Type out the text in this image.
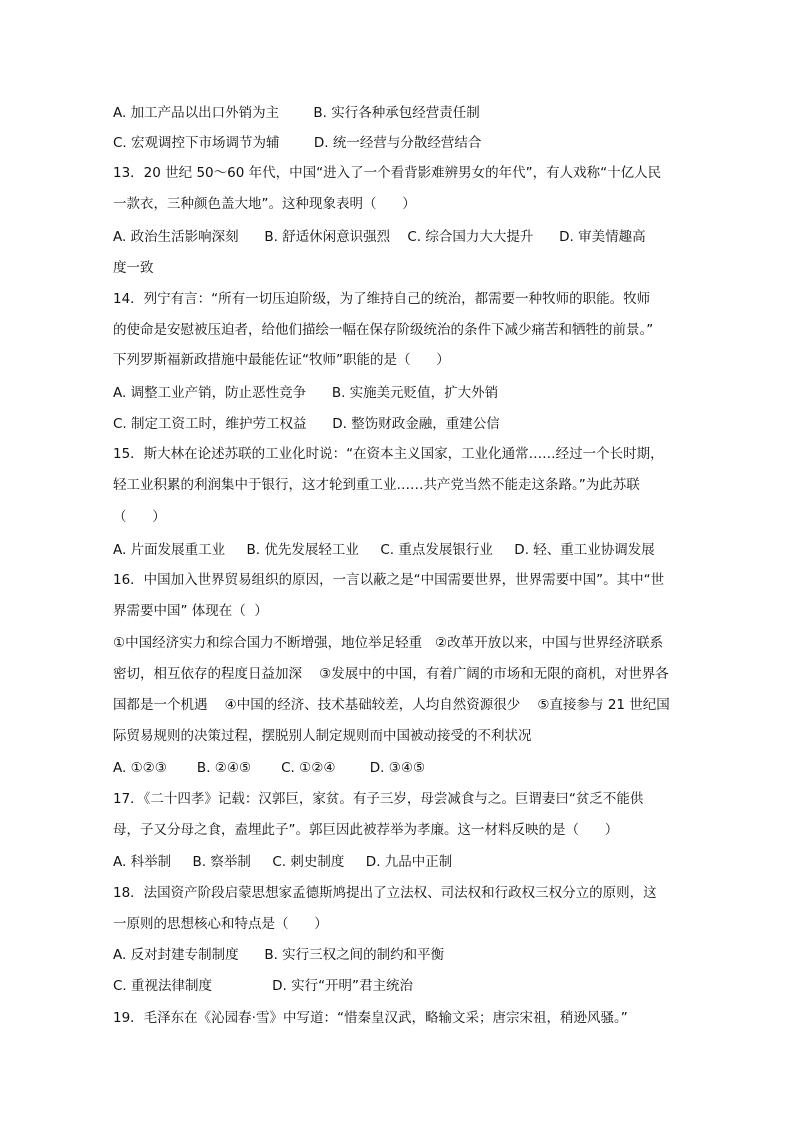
A. 加工产品以出口外销为主        B. 实行各种承包经营责任制
C. 宏观调控下市场调节为辅        D. 统一经营与分散经营结合
13．20 世纪 50～60 年代，中国“进入了一个看背影难辨男女的年代”，有人戏称“十亿人民
一款衣，三种颜色盖大地”。这种现象表明（      ）
A. 政治生活影响深刻      B. 舒适休闲意识强烈    C. 综合国力大大提升      D. 审美情趣高
度一致
14．列宁有言：“所有一切压迫阶级，为了维持自己的统治，都需要一种牧师的职能。牧师
的使命是安慰被压迫者，给他们描绘一幅在保存阶级统治的条件下减少痛苦和牺牲的前景。”
下列罗斯福新政措施中最能佐证“牧师”职能的是（      ）
A. 调整工业产销，防止恶性竞争      B. 实施美元贬值，扩大外销
C. 制定工资工时，维护劳工权益      D. 整饬财政金融，重建公信
15．斯大林在论述苏联的工业化时说：“在资本主义国家，工业化通常……经过一个长时期，
轻工业积累的利润集中于银行，这才轮到重工业……共产党当然不能走这条路。”为此苏联
（      ）
A. 片面发展重工业     B. 优先发展轻工业     C. 重点发展银行业     D. 轻、重工业协调发展
16．中国加入世界贸易组织的原因，一言以蔽之是“中国需要世界，世界需要中国”。其中“世
界需要中国” 体现在（  ）
①中国经济实力和综合国力不断增强，地位举足轻重   ②改革开放以来，中国与世界经济联系
密切，相互依存的程度日益加深    ③发展中的中国，有着广阔的市场和无限的商机，对世界各
国都是一个机遇    ④中国的经济、技术基础较差，人均自然资源很少    ⑤直接参与 21 世纪国
际贸易规则的决策过程，摆脱别人制定规则而中国被动接受的不利状况
A. ①②③       B. ②④⑤       C. ①②④        D. ③④⑤
17．《二十四孝》记载：汉郭巨，家贫。有子三岁，母尝减食与之。巨谓妻曰“贫乏不能供
母，子又分母之食，盍埋此子”。郭巨因此被荐举为孝廉。这一材料反映的是（      ）
A. 科举制     B. 察举制     C. 刺史制度     D. 九品中正制
18．法国资产阶段启蒙思想家孟德斯鸠提出了立法权、司法权和行政权三权分立的原则，这
一原则的思想核心和特点是（      ）
A. 反对封建专制制度      B. 实行三权之间的制约和平衡
C. 重视法律制度              D. 实行“开明”君主统治
19．毛泽东在《沁园春·雪》中写道：“惜秦皇汉武，略输文采；唐宗宋祖，稍逊风骚。”
